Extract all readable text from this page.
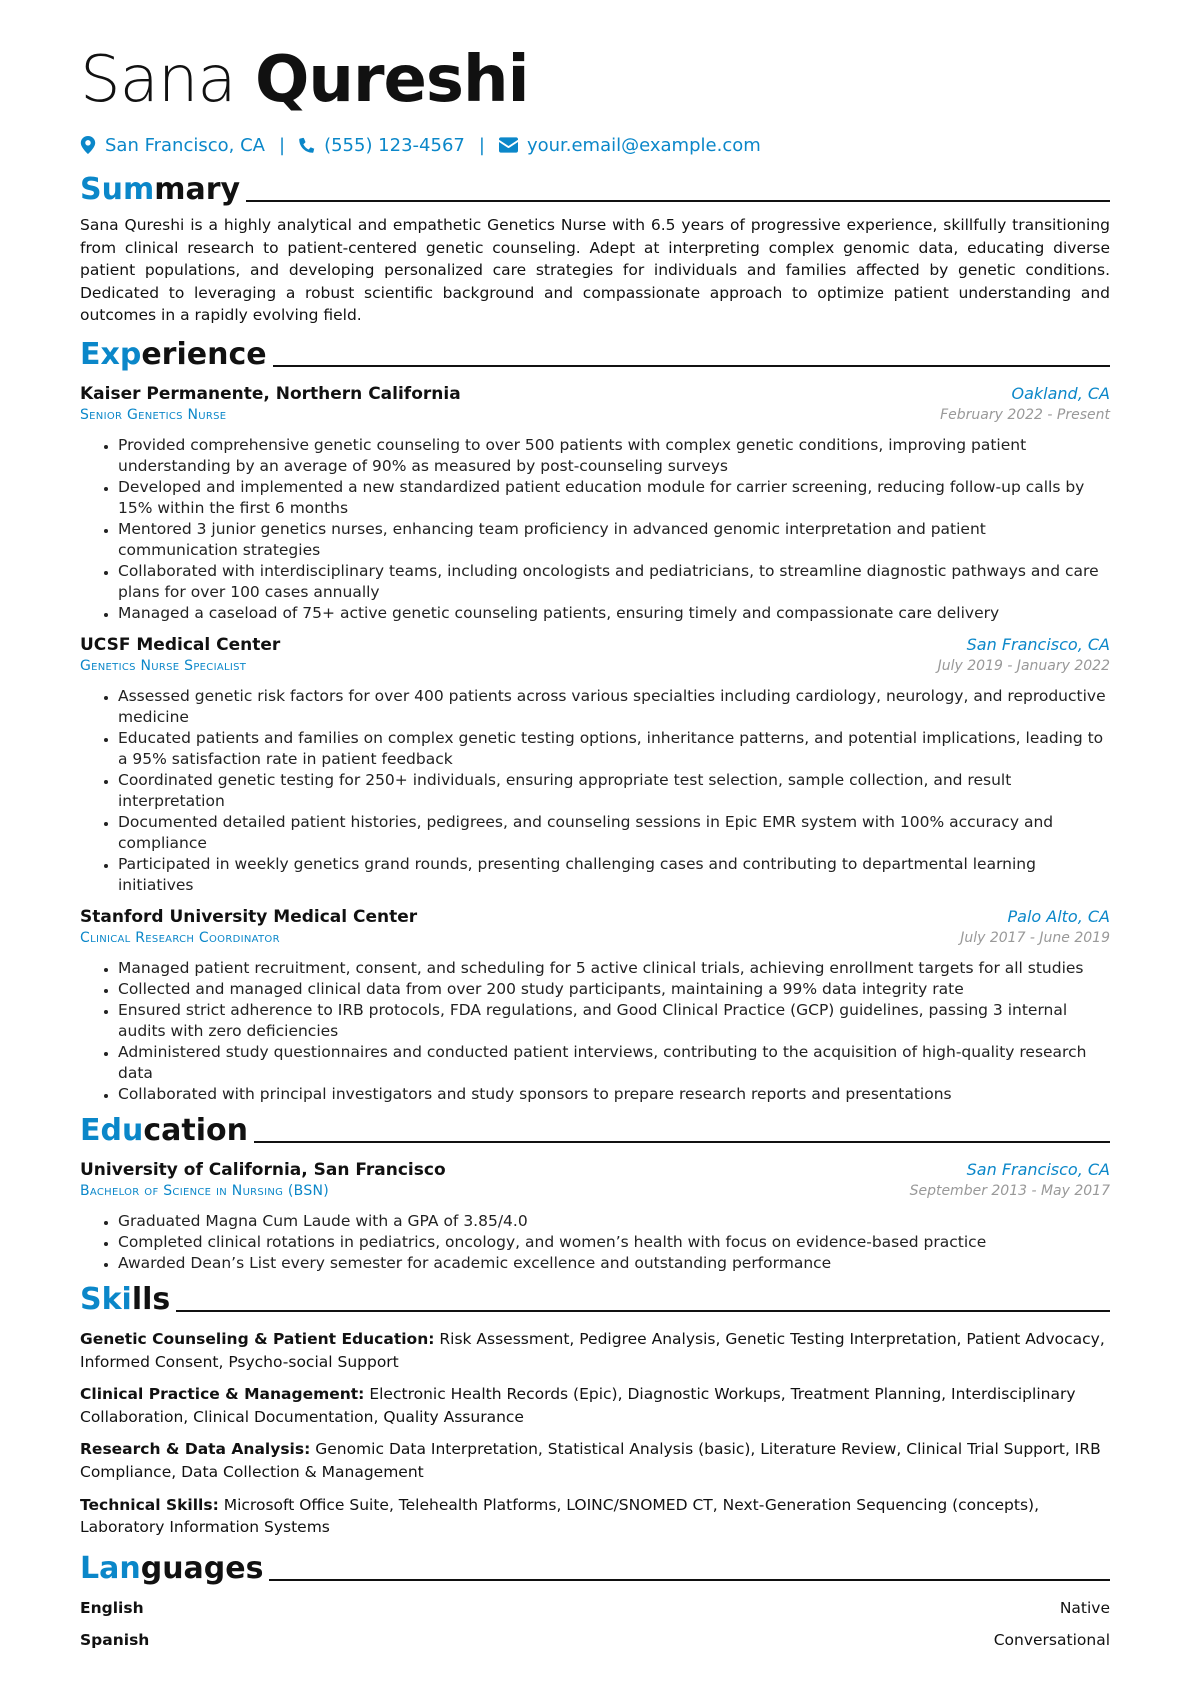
Sana Qureshi
San Francisco, CA | (555) 123-4567 | your.email@example.com
Summary

Sana Qureshi is a highly analytical and empathetic Genetics Nurse with 6.5 years of progressive experience, skillfully transitioning from clinical research to patient-centered genetic counseling. Adept at interpreting complex genomic data, educating diverse patient populations, and developing personalized care strategies for individuals and families affected by genetic conditions. Dedicated to leveraging a robust scientific background and compassionate approach to optimize patient understanding and outcomes in a rapidly evolving field.

Experience
Kaiser Permanente, Northern California	Oakland, CA
Senior Genetics Nurse	February 2022 - Present
• Provided comprehensive genetic counseling to over 500 patients with complex genetic conditions, improving patient understanding by an average of 90% as measured by post-counseling surveys
• Developed and implemented a new standardized patient education module for carrier screening, reducing follow-up calls by 15% within the first 6 months
• Mentored 3 junior genetics nurses, enhancing team proficiency in advanced genomic interpretation and patient communication strategies
• Collaborated with interdisciplinary teams, including oncologists and pediatricians, to streamline diagnostic pathways and care plans for over 100 cases annually
• Managed a caseload of 75+ active genetic counseling patients, ensuring timely and compassionate care delivery
UCSF Medical Center	San Francisco, CA
Genetics Nurse Specialist	July 2019 - January 2022
• Assessed genetic risk factors for over 400 patients across various specialties including cardiology, neurology, and reproductive medicine
• Educated patients and families on complex genetic testing options, inheritance patterns, and potential implications, leading to a 95% satisfaction rate in patient feedback
• Coordinated genetic testing for 250+ individuals, ensuring appropriate test selection, sample collection, and result interpretation
• Documented detailed patient histories, pedigrees, and counseling sessions in Epic EMR system with 100% accuracy and compliance
• Participated in weekly genetics grand rounds, presenting challenging cases and contributing to departmental learning initiatives
Stanford University Medical Center	Palo Alto, CA
Clinical Research Coordinator	July 2017 - June 2019
• Managed patient recruitment, consent, and scheduling for 5 active clinical trials, achieving enrollment targets for all studies
• Collected and managed clinical data from over 200 study participants, maintaining a 99% data integrity rate
• Ensured strict adherence to IRB protocols, FDA regulations, and Good Clinical Practice (GCP) guidelines, passing 3 internal audits with zero deficiencies
• Administered study questionnaires and conducted patient interviews, contributing to the acquisition of high-quality research data
• Collaborated with principal investigators and study sponsors to prepare research reports and presentations
Education
University of California, San Francisco	San Francisco, CA
Bachelor of Science in Nursing (BSN)	September 2013 - May 2017
• Graduated Magna Cum Laude with a GPA of 3.85/4.0
• Completed clinical rotations in pediatrics, oncology, and women’s health with focus on evidence-based practice
• Awarded Dean’s List every semester for academic excellence and outstanding performance
Skills
Genetic Counseling & Patient Education: Risk Assessment, Pedigree Analysis, Genetic Testing Interpretation, Patient Advocacy, Informed Consent, Psycho-social Support
Clinical Practice & Management: Electronic Health Records (Epic), Diagnostic Workups, Treatment Planning, Interdisciplinary Collaboration, Clinical Documentation, Quality Assurance
Research & Data Analysis: Genomic Data Interpretation, Statistical Analysis (basic), Literature Review, Clinical Trial Support, IRB Compliance, Data Collection & Management
Technical Skills: Microsoft Office Suite, Telehealth Platforms, LOINC/SNOMED CT, Next-Generation Sequencing (concepts), Laboratory Information Systems
Languages
English	Native
Spanish	Conversational
